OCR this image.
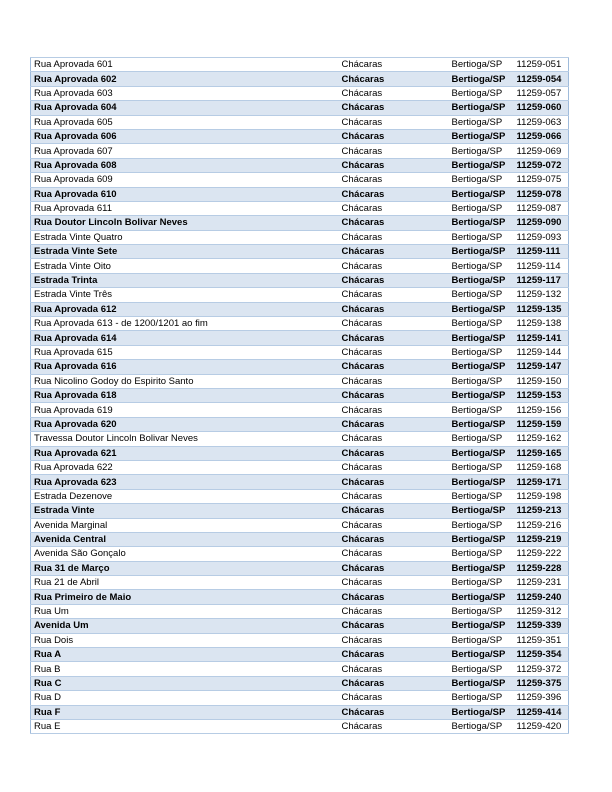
Rua Aprovada 601	Chácaras	Bertioga/SP	11259-051
Rua Aprovada 602	Chácaras	Bertioga/SP	11259-054
Rua Aprovada 603	Chácaras	Bertioga/SP	11259-057
Rua Aprovada 604	Chácaras	Bertioga/SP	11259-060
Rua Aprovada 605	Chácaras	Bertioga/SP	11259-063
Rua Aprovada 606	Chácaras	Bertioga/SP	11259-066
Rua Aprovada 607	Chácaras	Bertioga/SP	11259-069
Rua Aprovada 608	Chácaras	Bertioga/SP	11259-072
Rua Aprovada 609	Chácaras	Bertioga/SP	11259-075
Rua Aprovada 610	Chácaras	Bertioga/SP	11259-078
Rua Aprovada 611	Chácaras	Bertioga/SP	11259-087
Rua Doutor Lincoln Bolivar Neves	Chácaras	Bertioga/SP	11259-090
Estrada Vinte Quatro	Chácaras	Bertioga/SP	11259-093
Estrada Vinte Sete	Chácaras	Bertioga/SP	11259-111
Estrada Vinte Oito	Chácaras	Bertioga/SP	11259-114
Estrada Trinta	Chácaras	Bertioga/SP	11259-117
Estrada Vinte Três	Chácaras	Bertioga/SP	11259-132
Rua Aprovada 612	Chácaras	Bertioga/SP	11259-135
Rua Aprovada 613 - de 1200/1201 ao fim	Chácaras	Bertioga/SP	11259-138
Rua Aprovada 614	Chácaras	Bertioga/SP	11259-141
Rua Aprovada 615	Chácaras	Bertioga/SP	11259-144
Rua Aprovada 616	Chácaras	Bertioga/SP	11259-147
Rua Nicolino Godoy do Espirito Santo	Chácaras	Bertioga/SP	11259-150
Rua Aprovada 618	Chácaras	Bertioga/SP	11259-153
Rua Aprovada 619	Chácaras	Bertioga/SP	11259-156
Rua Aprovada 620	Chácaras	Bertioga/SP	11259-159
Travessa Doutor Lincoln Bolivar Neves	Chácaras	Bertioga/SP	11259-162
Rua Aprovada 621	Chácaras	Bertioga/SP	11259-165
Rua Aprovada 622	Chácaras	Bertioga/SP	11259-168
Rua Aprovada 623	Chácaras	Bertioga/SP	11259-171
Estrada Dezenove	Chácaras	Bertioga/SP	11259-198
Estrada Vinte	Chácaras	Bertioga/SP	11259-213
Avenida Marginal	Chácaras	Bertioga/SP	11259-216
Avenida Central	Chácaras	Bertioga/SP	11259-219
Avenida São Gonçalo	Chácaras	Bertioga/SP	11259-222
Rua 31 de Março	Chácaras	Bertioga/SP	11259-228
Rua 21 de Abril	Chácaras	Bertioga/SP	11259-231
Rua Primeiro de Maio	Chácaras	Bertioga/SP	11259-240
Rua Um	Chácaras	Bertioga/SP	11259-312
Avenida Um	Chácaras	Bertioga/SP	11259-339
Rua Dois	Chácaras	Bertioga/SP	11259-351
Rua A	Chácaras	Bertioga/SP	11259-354
Rua B	Chácaras	Bertioga/SP	11259-372
Rua C	Chácaras	Bertioga/SP	11259-375
Rua D	Chácaras	Bertioga/SP	11259-396
Rua F	Chácaras	Bertioga/SP	11259-414
Rua E	Chácaras	Bertioga/SP	11259-420
